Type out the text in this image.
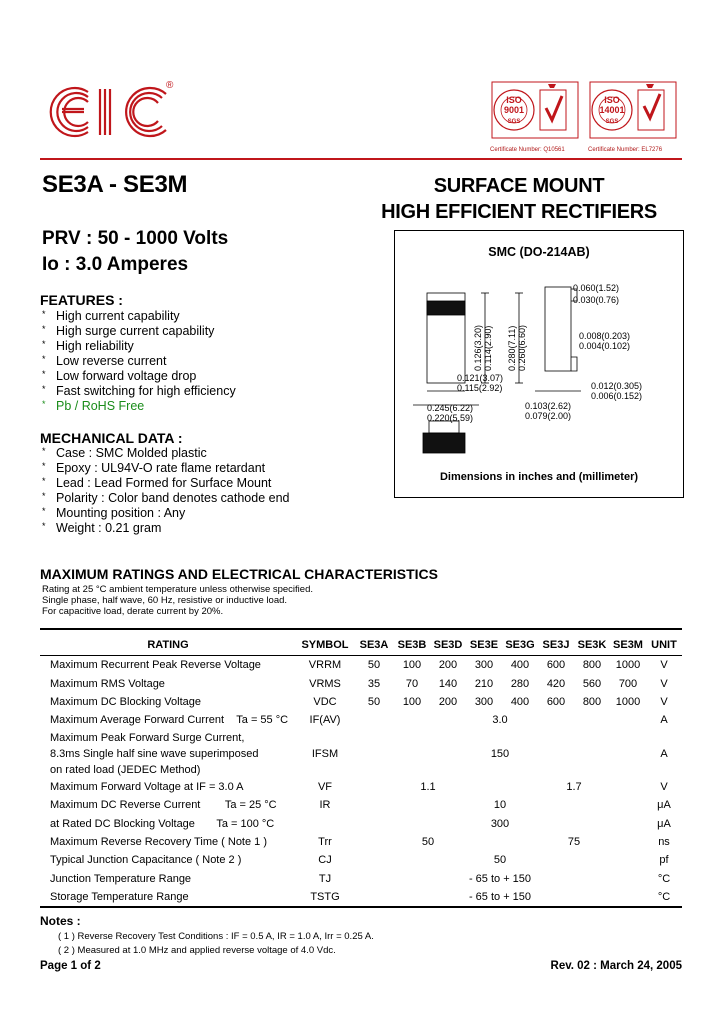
®
ISO
9001
SGS
Certificate Number: Q10561
ISO
14001
SGS
Certificate Number: EL7276
SE3A - SE3M	SURFACE MOUNT
HIGH EFFICIENT RECTIFIERS
PRV : 50 - 1000 Volts
Io : 3.0 Amperes
FEATURES :
* High current capability
* High surge current capability
* High reliability
* Low reverse current
* Low forward voltage drop
* Fast switching for high efficiency
* Pb / RoHS Free
MECHANICAL DATA :
* Case : SMC Molded plastic
* Epoxy : UL94V-O rate flame retardant
* Lead : Lead Formed for Surface Mount
* Polarity : Color band denotes cathode end
* Mounting position : Any
* Weight : 0.21 gram
SMC (DO-214AB)
0.060(1.52)
0.030(0.76)
0.008(0.203)
0.004(0.102)
0.121(3.07)
0.115(2.92)
0.245(6.22)
0.220(5.59)
0.103(2.62)
0.079(2.00)
0.012(0.305)
0.006(0.152)
0.126(3.20) 0.114(2.90) 0.280(7.11) 0.260(6.60)
Dimensions in inches and (millimeter)
MAXIMUM RATINGS AND ELECTRICAL CHARACTERISTICS
Rating at 25 °C ambient temperature unless otherwise specified.
Single phase, half wave, 60 Hz, resistive or inductive load.
For capacitive load, derate current by 20%.
RATING	SYMBOL	SE3A	SE3B	SE3D	SE3E	SE3G	SE3J	SE3K	SE3M	UNIT
Maximum Recurrent Peak Reverse Voltage	VRRM	50	100	200	300	400	600	800	1000	V
Maximum RMS Voltage	VRMS	35	70	140	210	280	420	560	700	V
Maximum DC Blocking Voltage	VDC	50	100	200	300	400	600	800	1000	V
Maximum Average Forward Current Ta = 55 °C	IF(AV)	3.0								A
Maximum Peak Forward Surge Current,
8.3ms Single half sine wave superimposed
on rated load (JEDEC Method)	IFSM	150								A
Maximum Forward Voltage at IF = 3.0 A	VF	1.1				1.7				V
Maximum DC Reverse Current Ta = 25 °C	IR	10								μA
at Rated DC Blocking Voltage Ta = 100 °C		300								μA
Maximum Reverse Recovery Time ( Note 1 )	Trr	50				75				ns
Typical Junction Capacitance ( Note 2 )	CJ	50								pf
Junction Temperature Range	TJ	- 65 to + 150								°C
Storage Temperature Range	TSTG	- 65 to + 150								°C
Notes :
( 1 ) Reverse Recovery Test Conditions : IF = 0.5 A, IR = 1.0 A, Irr = 0.25 A.
( 2 ) Measured at 1.0 MHz and applied reverse voltage of 4.0 Vdc.
Page 1 of 2	Rev. 02 : March 24, 2005
